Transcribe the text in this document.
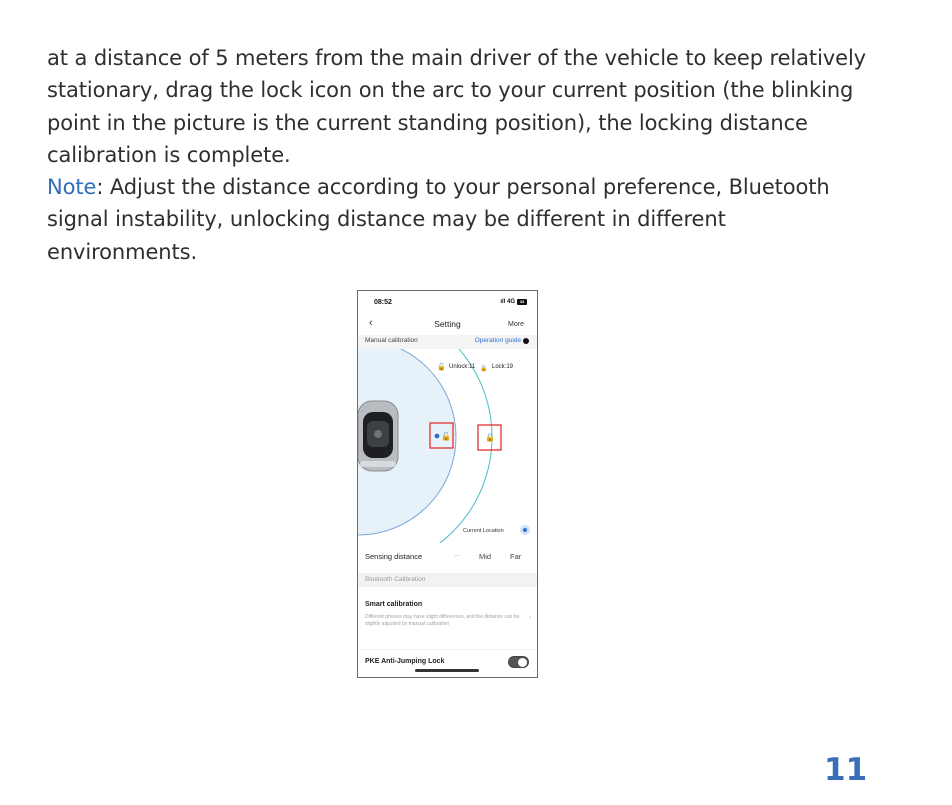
at a distance of 5 meters from the main driver of the vehicle to keep relatively

stationary, drag the lock icon on the arc to your current position (the blinking

point in the picture is the current standing position), the locking distance

calibration is complete.

Note: Adjust the distance according to your personal preference, Bluetooth

signal instability, unlocking distance may be different in different

environments.

08:52	ıll 4G	43
‹	Setting	More
Manual calibration	Operation guide
🔓 Unlock:11 🔒 Lock:19
🔓	🔒
Current Location
Sensing distance	...	Mid	Far
Bluetooth Calibration
Smart calibration
Different phones may have slight differences, and the distance can be slightly adjusted by manual calibration
›
PKE Anti-Jumping Lock
11
